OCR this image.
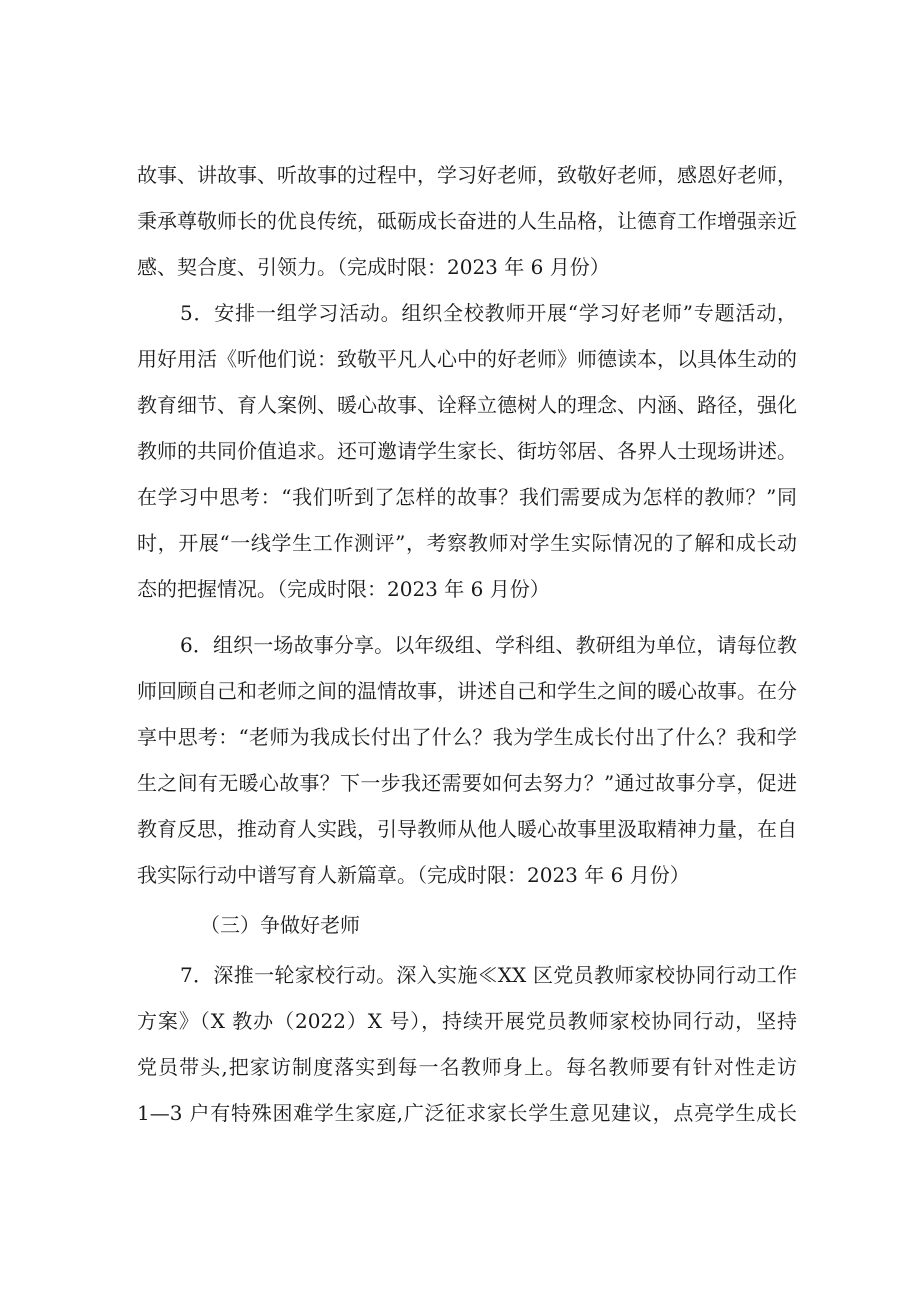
故事、讲故事、听故事的过程中，学习好老师，致敬好老师，感恩好老师，
秉承尊敬师长的优良传统，砥砺成长奋进的人生品格，让德育工作增强亲近
感、契合度、引领力。（完成时限：2023 年 6 月份）
5．安排一组学习活动。组织全校教师开展“学习好老师”专题活动，
用好用活《听他们说：致敬平凡人心中的好老师》师德读本，以具体生动的
教育细节、育人案例、暖心故事、诠释立德树人的理念、内涵、路径，强化
教师的共同价值追求。还可邀请学生家长、街坊邻居、各界人士现场讲述。
在学习中思考：“我们听到了怎样的故事？我们需要成为怎样的教师？”同
时，开展“一线学生工作测评”，考察教师对学生实际情况的了解和成长动
态的把握情况。（完成时限：2023 年 6 月份）
6．组织一场故事分享。以年级组、学科组、教研组为单位，请每位教
师回顾自己和老师之间的温情故事，讲述自己和学生之间的暖心故事。在分
享中思考：“老师为我成长付出了什么？我为学生成长付出了什么？我和学
生之间有无暖心故事？下一步我还需要如何去努力？”通过故事分享，促进
教育反思，推动育人实践，引导教师从他人暖心故事里汲取精神力量，在自
我实际行动中谱写育人新篇章。（完成时限：2023 年 6 月份）
（三）争做好老师
7．深推一轮家校行动。深入实施≪XX 区党员教师家校协同行动工作
方案》（X 教办（2022）X 号），持续开展党员教师家校协同行动，坚持
党员带头,把家访制度落实到每一名教师身上。每名教师要有针对性走访
1—3 户有特殊困难学生家庭,广泛征求家长学生意见建议，点亮学生成长
